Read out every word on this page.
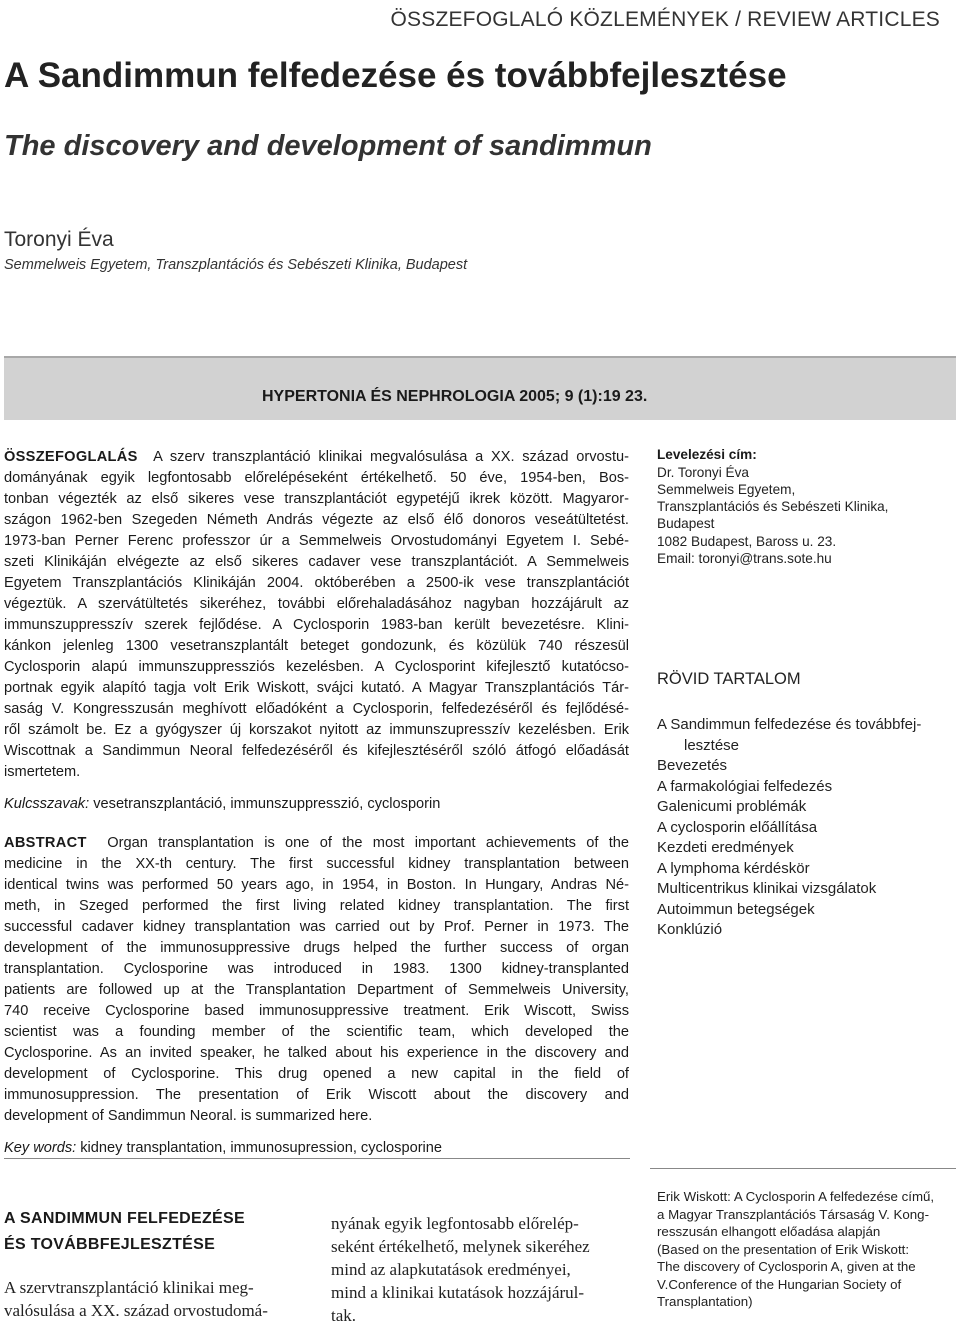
ÖSSZEFOGLALÓ KÖZLEMÉNYEK / REVIEW ARTICLES
A Sandimmun felfedezése és továbbfejlesztése
The discovery and development of sandimmun
Toronyi Éva
Semmelweis Egyetem, Transzplantációs és Sebészeti Klinika, Budapest
HYPERTONIA ÉS NEPHROLOGIA 2005; 9 (1):19 23.
ÖSSZEFOGLALÁS A szerv transzplantáció klinikai megvalósulása a XX. század orvostu-
dományának egyik legfontosabb előrelépéseként értékelhető. 50 éve, 1954-ben, Bos-
tonban végezték az első sikeres vese transzplantációt egypetéjű ikrek között. Magyaror-
szágon 1962-ben Szegeden Németh András végezte az első élő donoros veseátültetést.
1973-ban Perner Ferenc professzor úr a Semmelweis Orvostudományi Egyetem I. Sebé-
szeti Klinikáján elvégezte az első sikeres cadaver vese transzplantációt. A Semmelweis
Egyetem Transzplantációs Klinikáján 2004. októberében a 2500-ik vese transzplantációt
végeztük. A szervátültetés sikeréhez, további előrehaladásához nagyban hozzájárult az
immunszuppresszív szerek fejlődése. A Cyclosporin 1983-ban került bevezetésre. Klini-
kánkon jelenleg 1300 vesetranszplantált beteget gondozunk, és közülük 740 részesül
Cyclosporin alapú immunszuppressziós kezelésben. A Cyclosporint kifejlesztő kutatócso-
portnak egyik alapító tagja volt Erik Wiskott, svájci kutató. A Magyar Transzplantációs Tár-
saság V. Kongresszusán meghívott előadóként a Cyclosporin, felfedezéséről és fejlődésé-
ről számolt be. Ez a gyógyszer új korszakot nyitott az immunszupresszív kezelésben. Erik
Wiscottnak a Sandimmun Neoral felfedezéséről és kifejlesztéséről szóló átfogó előadását
ismertetem.
Kulcsszavak: vesetranszplantáció, immunszuppresszió, cyclosporin
ABSTRACT Organ transplantation is one of the most important achievements of the
medicine in the XX-th century. The first successful kidney transplantation between
identical twins was performed 50 years ago, in 1954, in Boston. In Hungary, Andras Né-
meth, in Szeged performed the first living related kidney transplantation. The first
successful cadaver kidney transplantation was carried out by Prof. Perner in 1973. The
development of the immunosuppressive drugs helped the further success of organ
transplantation. Cyclosporine was introduced in 1983. 1300 kidney-transplanted
patients are followed up at the Transplantation Department of Semmelweis University,
740 receive Cyclosporine based immunosuppressive treatment. Erik Wiscott, Swiss
scientist was a founding member of the scientific team, which developed the
Cyclosporine. As an invited speaker, he talked about his experience in the discovery and
development of Cyclosporine. This drug opened a new capital in the field of
immunosuppression. The presentation of Erik Wiscott about the discovery and
development of Sandimmun Neoral. is summarized here.
Key words: kidney transplantation, immunosupression, cyclosporine
Levelezési cím:
Dr. Toronyi Éva
Semmelweis Egyetem,
Transzplantációs és Sebészeti Klinika,
Budapest
1082 Budapest, Baross u. 23.
Email: toronyi@trans.sote.hu
RÖVID TARTALOM
A Sandimmun felfedezése és továbbfej-
lesztése
Bevezetés
A farmakológiai felfedezés
Galenicumi problémák
A cyclosporin előállítása
Kezdeti eredmények
A lymphoma kérdéskör
Multicentrikus klinikai vizsgálatok
Autoimmun betegségek
Konklúzió
A SANDIMMUN FELFEDEZÉSE
ÉS TOVÁBBFEJLESZTÉSE
A szervtranszplantáció klinikai meg-
valósulása a XX. század orvostudomá-
nyának egyik legfontosabb előrelép-
seként értékelhető, melynek sikeréhez
mind az alapkutatások eredményei,
mind a klinikai kutatások hozzájárul-
tak.
Erik Wiskott: A Cyclosporin A felfedezése című,
a Magyar Transzplantációs Társaság V. Kong-
resszusán elhangott előadása alapján
(Based on the presentation of Erik Wiskott:
The discovery of Cyclosporin A, given at the
V.Conference of the Hungarian Society of
Transplantation)
